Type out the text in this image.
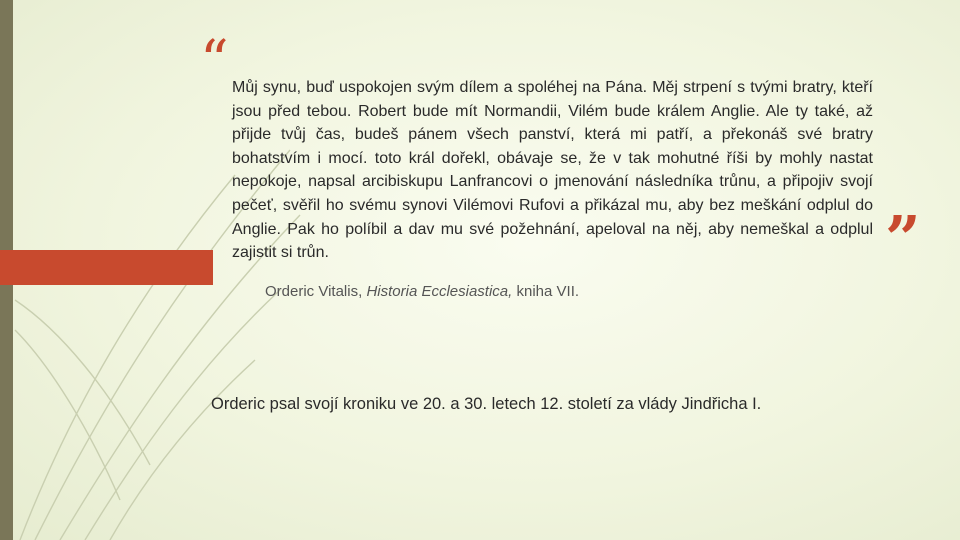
“ Můj synu, buď uspokojen svým dílem a spoléhej na Pána. Měj strpení s tvými bratry, kteří jsou před tebou. Robert bude mít Normandii, Vilém bude králem Anglie. Ale ty také, až přijde tvůj čas, budeš pánem všech panství, která mi patří, a překonáš své bratry bohatstvím i mocí. toto král dořekl, obávaje se, že v tak mohutné říši by mohly nastat nepokoje, napsal arcibiskupu Lanfrancovi o jmenování následníka trůnu, a připojiv svojí pečeť, svěřil ho svému synovi Vilémovi Rufovi a přikázal mu, aby bez meškání odplul do Anglie. Pak ho políbil a dav mu své požehnání, apeloval na něj, aby nemeškal a odplul zajistit si trůn.	”

Orderic Vitalis, Historia Ecclesiastica, kniha VII.

Orderic psal svojí kroniku ve 20. a 30. letech 12. století za vlády Jindřicha I.
